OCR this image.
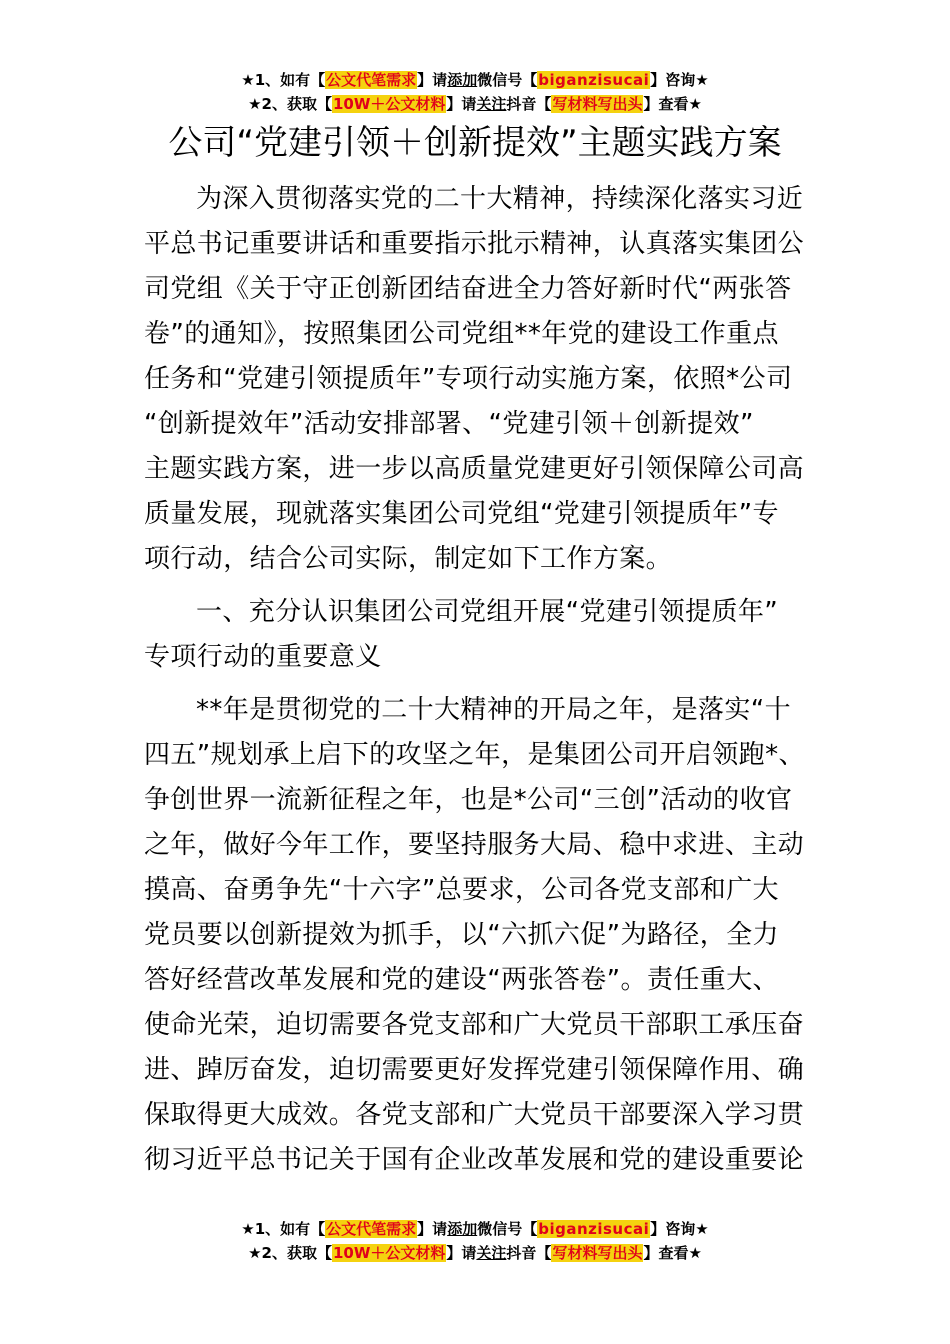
★1、如有【公文代笔需求】请添加微信号【biganzisucai】咨询★
★2、获取【10W＋公文材料】请关注抖音【写材料写出头】查看★
公司“党建引领＋创新提效”主题实践方案
为深入贯彻落实党的二十大精神，持续深化落实习近
平总书记重要讲话和重要指示批示精神，认真落实集团公
司党组《关于守正创新团结奋进全力答好新时代“两张答
卷”的通知》，按照集团公司党组**年党的建设工作重点
任务和“党建引领提质年”专项行动实施方案，依照*公司
“创新提效年”活动安排部署、“党建引领＋创新提效”
主题实践方案，进一步以高质量党建更好引领保障公司高
质量发展，现就落实集团公司党组“党建引领提质年”专
项行动，结合公司实际，制定如下工作方案。
一、充分认识集团公司党组开展“党建引领提质年”
专项行动的重要意义
**年是贯彻党的二十大精神的开局之年，是落实“十
四五”规划承上启下的攻坚之年，是集团公司开启领跑*、
争创世界一流新征程之年，也是*公司“三创”活动的收官
之年，做好今年工作，要坚持服务大局、稳中求进、主动
摸高、奋勇争先“十六字”总要求，公司各党支部和广大
党员要以创新提效为抓手，以“六抓六促”为路径，全力
答好经营改革发展和党的建设“两张答卷”。责任重大、
使命光荣，迫切需要各党支部和广大党员干部职工承压奋
进、踔厉奋发，迫切需要更好发挥党建引领保障作用、确
保取得更大成效。各党支部和广大党员干部要深入学习贯
彻习近平总书记关于国有企业改革发展和党的建设重要论
★1、如有【公文代笔需求】请添加微信号【biganzisucai】咨询★
★2、获取【10W＋公文材料】请关注抖音【写材料写出头】查看★
